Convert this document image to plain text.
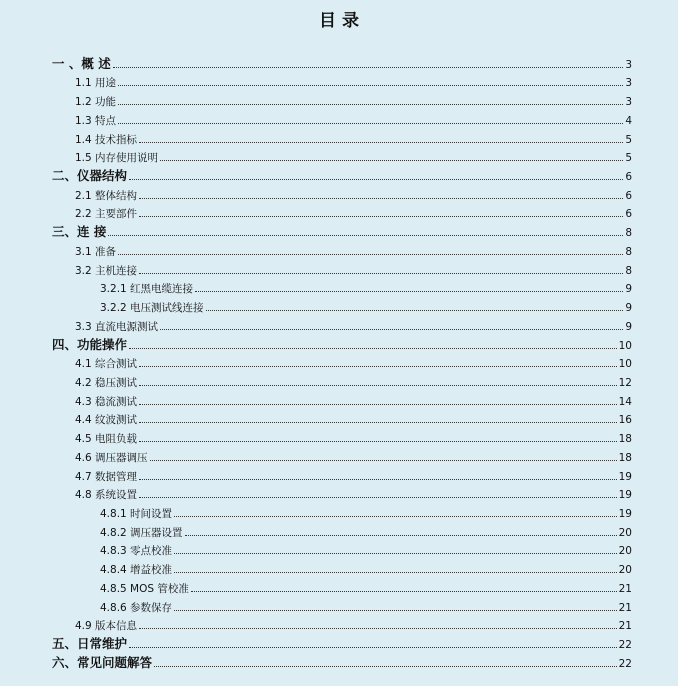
目 录
一 、概 述	3
1.1 用途	3
1.2 功能	3
1.3 特点	4
1.4 技术指标	5
1.5 内存使用说明	5
二、仪器结构	6
2.1 整体结构	6
2.2 主要部件	6
三、连 接	8
3.1 准备	8
3.2 主机连接	8
3.2.1 红黑电缆连接	9
3.2.2 电压测试线连接	9
3.3 直流电源测试	9
四、功能操作	10
4.1 综合测试	10
4.2 稳压测试	12
4.3 稳流测试	14
4.4 纹波测试	16
4.5 电阻负载	18
4.6 调压器调压	18
4.7 数据管理	19
4.8 系统设置	19
4.8.1 时间设置	19
4.8.2 调压器设置	20
4.8.3 零点校准	20
4.8.4 增益校准	20
4.8.5 MOS 管校准	21
4.8.6 参数保存	21
4.9 版本信息	21
五、日常维护	22
六、常见问题解答	22
